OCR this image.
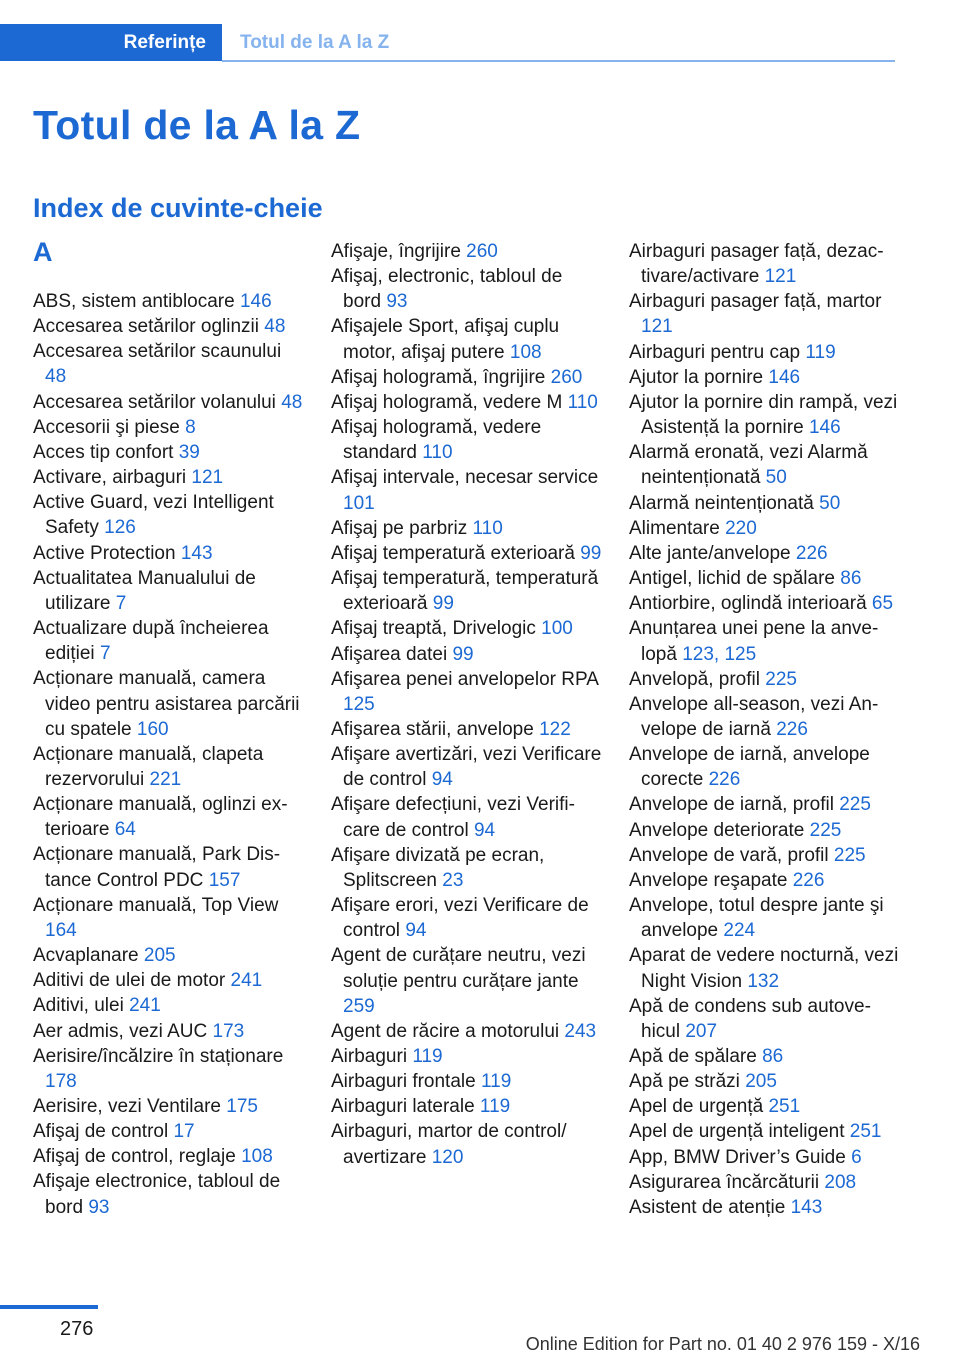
Referințe Totul de la A la Z
Totul de la A la Z
Index de cuvinte-cheie
A
ABS, sistem antiblocare 146
Accesarea setărilor oglinzii 48
Accesarea setărilor scaunului 48
Accesarea setărilor volanului 48
Accesorii şi piese 8
Acces tip confort 39
Activare, airbaguri 121
Active Guard, vezi Intelligent Safety 126
Active Protection 143
Actualitatea Manualului de utilizare 7
Actualizare după încheierea ediției 7
Acționare manuală, camera video pentru asistarea parcării cu spatele 160
Acționare manuală, clapeta rezervorului 221
Acționare manuală, oglinzi exterioare 64
Acționare manuală, Park Distance Control PDC 157
Acționare manuală, Top View 164
Acvaplanare 205
Aditivi de ulei de motor 241
Aditivi, ulei 241
Aer admis, vezi AUC 173
Aerisire/încălzire în staționare 178
Aerisire, vezi Ventilare 175
Afişaj de control 17
Afişaj de control, reglaje 108
Afişaje electronice, tabloul de bord 93
Afişaje, îngrijire 260
Afişaj, electronic, tabloul de bord 93
Afişajele Sport, afişaj cuplu motor, afişaj putere 108
Afişaj hologramă, îngrijire 260
Afişaj hologramă, vedere M 110
Afişaj hologramă, vedere standard 110
Afişaj intervale, necesar service 101
Afişaj pe parbriz 110
Afişaj temperatură exterioară 99
Afişaj temperatură, temperatură exterioară 99
Afişaj treaptă, Drivelogic 100
Afişarea datei 99
Afişarea penei anvelopelor RPA 125
Afişarea stării, anvelope 122
Afişare avertizări, vezi Verificare de control 94
Afişare defecțiuni, vezi Verificare de control 94
Afişare divizată pe ecran, Splitscreen 23
Afişare erori, vezi Verificare de control 94
Agent de curățare neutru, vezi soluție pentru curățare jante 259
Agent de răcire a motorului 243
Airbaguri 119
Airbaguri frontale 119
Airbaguri laterale 119
Airbaguri, martor de control/ avertizare 120
Airbaguri pasager față, dezactivare/activare 121
Airbaguri pasager față, martor 121
Airbaguri pentru cap 119
Ajutor la pornire 146
Ajutor la pornire din rampă, vezi Asistență la pornire 146
Alarmă eronată, vezi Alarmă neintenționată 50
Alarmă neintenționată 50
Alimentare 220
Alte jante/anvelope 226
Antigel, lichid de spălare 86
Antiorbire, oglindă interioară 65
Anunțarea unei pene la anvelopă 123, 125
Anvelopă, profil 225
Anvelope all-season, vezi Anvelope de iarnă 226
Anvelope de iarnă, anvelope corecte 226
Anvelope de iarnă, profil 225
Anvelope deteriorate 225
Anvelope de vară, profil 225
Anvelope reşapate 226
Anvelope, totul despre jante şi anvelope 224
Aparat de vedere nocturnă, vezi Night Vision 132
Apă de condens sub autovehicul 207
Apă de spălare 86
Apă pe străzi 205
Apel de urgență 251
Apel de urgență inteligent 251
App, BMW Driver’s Guide 6
Asigurarea încărcăturii 208
Asistent de atenție 143
276
Online Edition for Part no. 01 40 2 976 159 - X/16
